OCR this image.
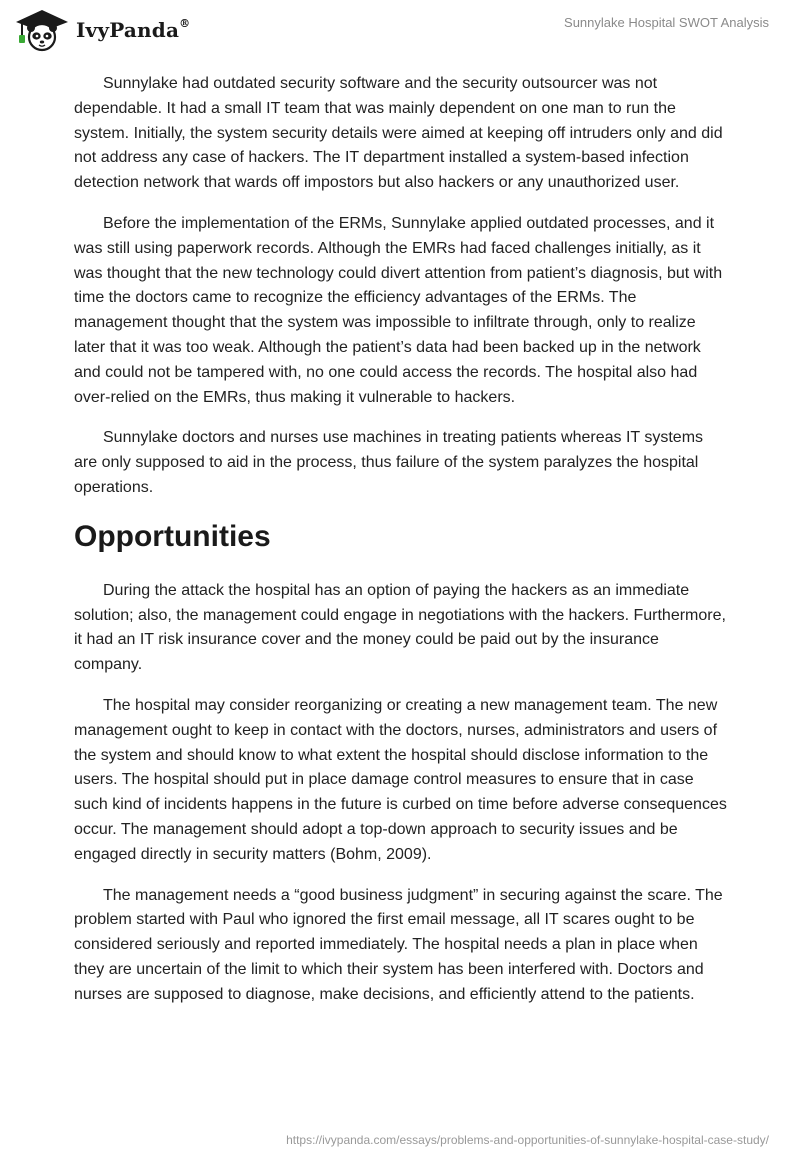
IvyPanda®	Sunnylake Hospital SWOT Analysis

Sunnylake had outdated security software and the security outsourcer was not dependable. It had a small IT team that was mainly dependent on one man to run the system. Initially, the system security details were aimed at keeping off intruders only and did not address any case of hackers. The IT department installed a system-based infection detection network that wards off impostors but also hackers or any unauthorized user.

Before the implementation of the ERMs, Sunnylake applied outdated processes, and it was still using paperwork records. Although the EMRs had faced challenges initially, as it was thought that the new technology could divert attention from patient’s diagnosis, but with time the doctors came to recognize the efficiency advantages of the ERMs. The management thought that the system was impossible to infiltrate through, only to realize later that it was too weak. Although the patient’s data had been backed up in the network and could not be tampered with, no one could access the records. The hospital also had over-relied on the EMRs, thus making it vulnerable to hackers.

Sunnylake doctors and nurses use machines in treating patients whereas IT systems are only supposed to aid in the process, thus failure of the system paralyzes the hospital operations.

Opportunities

During the attack the hospital has an option of paying the hackers as an immediate solution; also, the management could engage in negotiations with the hackers. Furthermore, it had an IT risk insurance cover and the money could be paid out by the insurance company.

The hospital may consider reorganizing or creating a new management team. The new management ought to keep in contact with the doctors, nurses, administrators and users of the system and should know to what extent the hospital should disclose information to the users. The hospital should put in place damage control measures to ensure that in case such kind of incidents happens in the future is curbed on time before adverse consequences occur. The management should adopt a top-down approach to security issues and be engaged directly in security matters (Bohm, 2009).

The management needs a “good business judgment” in securing against the scare. The problem started with Paul who ignored the first email message, all IT scares ought to be considered seriously and reported immediately. The hospital needs a plan in place when they are uncertain of the limit to which their system has been interfered with. Doctors and nurses are supposed to diagnose, make decisions, and efficiently attend to the patients.

https://ivypanda.com/essays/problems-and-opportunities-of-sunnylake-hospital-case-study/
